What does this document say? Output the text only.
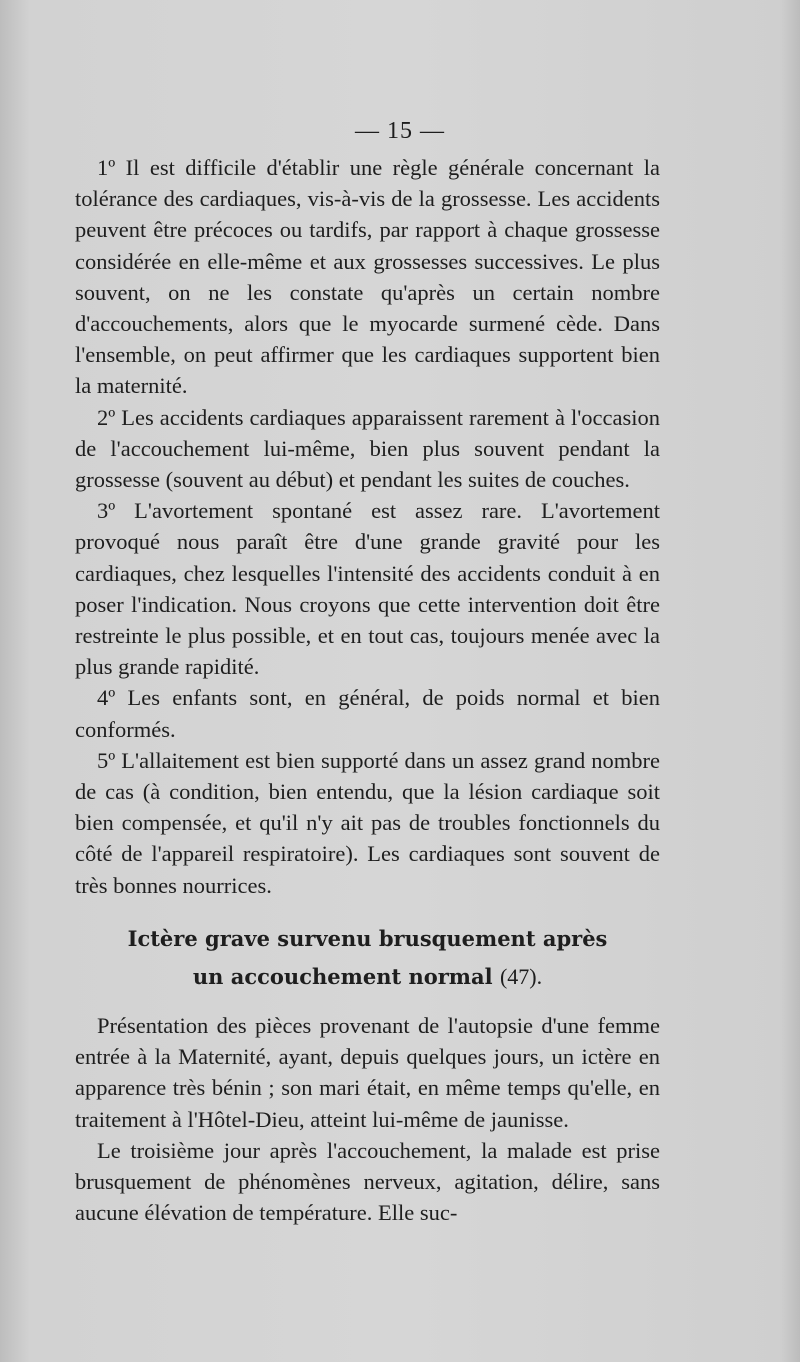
— 15 —

1º Il est difficile d'établir une règle générale concernant la tolérance des cardiaques, vis-à-vis de la grossesse. Les accidents peuvent être précoces ou tardifs, par rapport à chaque grossesse considérée en elle-même et aux grossesses successives. Le plus souvent, on ne les constate qu'après un certain nombre d'accouchements, alors que le myocarde surmené cède. Dans l'ensemble, on peut affirmer que les cardiaques supportent bien la maternité.

2º Les accidents cardiaques apparaissent rarement à l'occasion de l'accouchement lui-même, bien plus souvent pendant la grossesse (souvent au début) et pendant les suites de couches.

3º L'avortement spontané est assez rare. L'avortement provoqué nous paraît être d'une grande gravité pour les cardiaques, chez lesquelles l'intensité des accidents conduit à en poser l'indication. Nous croyons que cette intervention doit être restreinte le plus possible, et en tout cas, toujours menée avec la plus grande rapidité.

4º Les enfants sont, en général, de poids normal et bien conformés.

5º L'allaitement est bien supporté dans un assez grand nombre de cas (à condition, bien entendu, que la lésion cardiaque soit bien compensée, et qu'il n'y ait pas de troubles fonctionnels du côté de l'appareil respiratoire). Les cardiaques sont souvent de très bonnes nourrices.

Ictère grave survenu brusquement après
un accouchement normal (47).

Présentation des pièces provenant de l'autopsie d'une femme entrée à la Maternité, ayant, depuis quelques jours, un ictère en apparence très bénin ; son mari était, en même temps qu'elle, en traitement à l'Hôtel-Dieu, atteint lui-même de jaunisse.

Le troisième jour après l'accouchement, la malade est prise brusquement de phénomènes nerveux, agitation, délire, sans aucune élévation de température. Elle suc-
